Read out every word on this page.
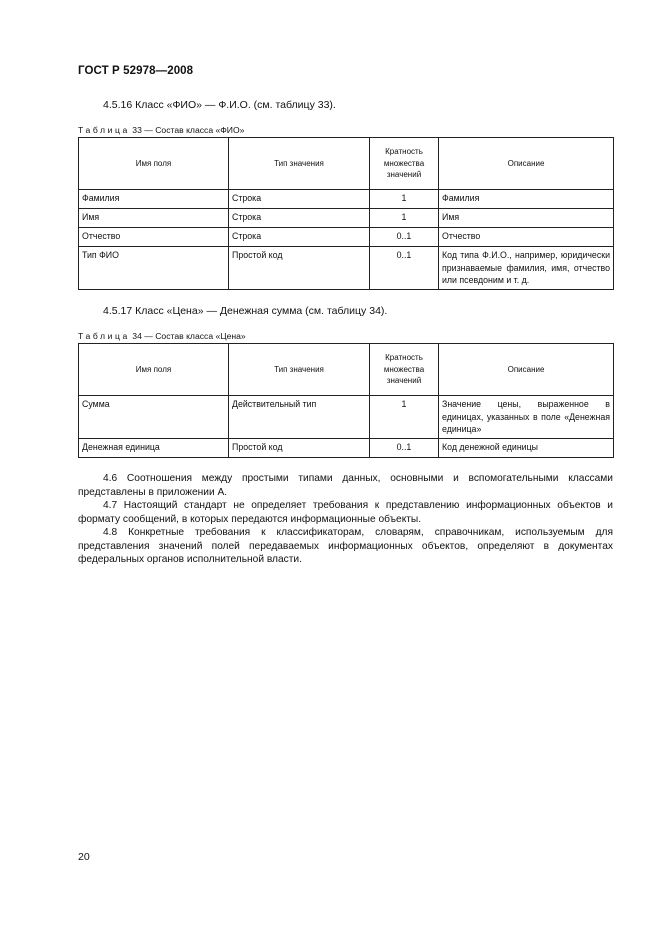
ГОСТ Р 52978—2008
4.5.16 Класс «ФИО» — Ф.И.О. (см. таблицу 33).
Таблица 33 — Состав класса «ФИО»
Имя поля	Тип значения	Кратность множества значений	Описание
Фамилия	Строка	1	Фамилия
Имя	Строка	1	Имя
Отчество	Строка	0..1	Отчество
Тип ФИО	Простой код	0..1	Код типа Ф.И.О., например, юридически признаваемые фамилия, имя, отчество или псевдоним и т. д.
4.5.17 Класс «Цена» — Денежная сумма (см. таблицу 34).
Таблица 34 — Состав класса «Цена»
Имя поля	Тип значения	Кратность множества значений	Описание
Сумма	Действительный тип	1	Значение цены, выраженное в единицах, указанных в поле «Денежная единица»
Денежная единица	Простой код	0..1	Код денежной единицы
4.6 Соотношения между простыми типами данных, основными и вспомогательными классами представлены в приложении А.
4.7 Настоящий стандарт не определяет требования к представлению информационных объектов и формату сообщений, в которых передаются информационные объекты.
4.8 Конкретные требования к классификаторам, словарям, справочникам, используемым для представления значений полей передаваемых информационных объектов, определяют в документах федеральных органов исполнительной власти.
20
